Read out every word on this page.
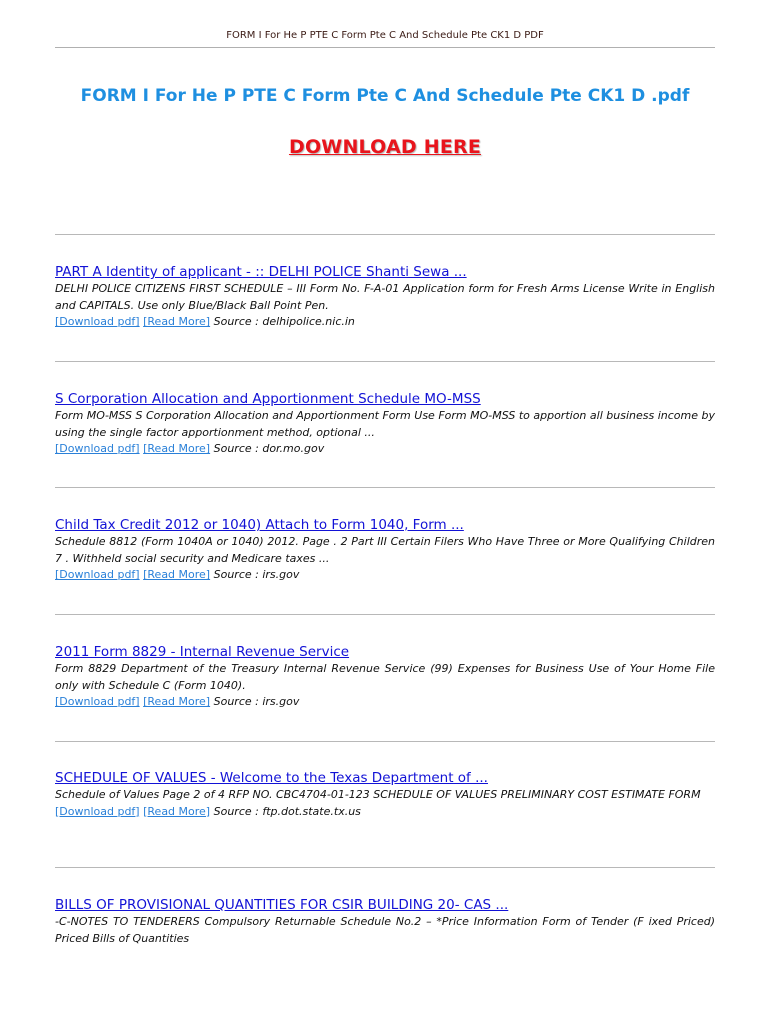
FORM I For He P PTE C Form Pte C And Schedule Pte CK1 D PDF
FORM I For He P PTE C Form Pte C And Schedule Pte CK1 D .pdf
DOWNLOAD HERE
PART A Identity of applicant - :: DELHI POLICE Shanti Sewa ...

DELHI POLICE CITIZENS FIRST SCHEDULE – III Form No. F-A-01 Application form for Fresh Arms License Write in English and CAPITALS. Use only Blue/Black Ball Point Pen.

[Download pdf] [Read More] Source : delhipolice.nic.in
S Corporation Allocation and Apportionment Schedule MO-MSS

Form MO-MSS S Corporation Allocation and Apportionment Form Use Form MO-MSS to apportion all business income by using the single factor apportionment method, optional ...

[Download pdf] [Read More] Source : dor.mo.gov
Child Tax Credit 2012 or 1040) Attach to Form 1040, Form ...

Schedule 8812 (Form 1040A or 1040) 2012. Page . 2 Part III Certain Filers Who Have Three or More Qualifying Children 7 . Withheld social security and Medicare taxes ...

[Download pdf] [Read More] Source : irs.gov
2011 Form 8829 - Internal Revenue Service

Form 8829 Department of the Treasury Internal Revenue Service (99) Expenses for Business Use of Your Home File only with Schedule C (Form 1040).

[Download pdf] [Read More] Source : irs.gov
SCHEDULE OF VALUES - Welcome to the Texas Department of ...

Schedule of Values Page 2 of 4 RFP NO. CBC4704-01-123 SCHEDULE OF VALUES PRELIMINARY COST ESTIMATE FORM

[Download pdf] [Read More] Source : ftp.dot.state.tx.us
BILLS OF PROVISIONAL QUANTITIES FOR CSIR BUILDING 20- CAS ...

-C-NOTES TO TENDERERS Compulsory Returnable Schedule No.2 – *Price Information Form of Tender (F ixed Priced) Priced Bills of Quantities
